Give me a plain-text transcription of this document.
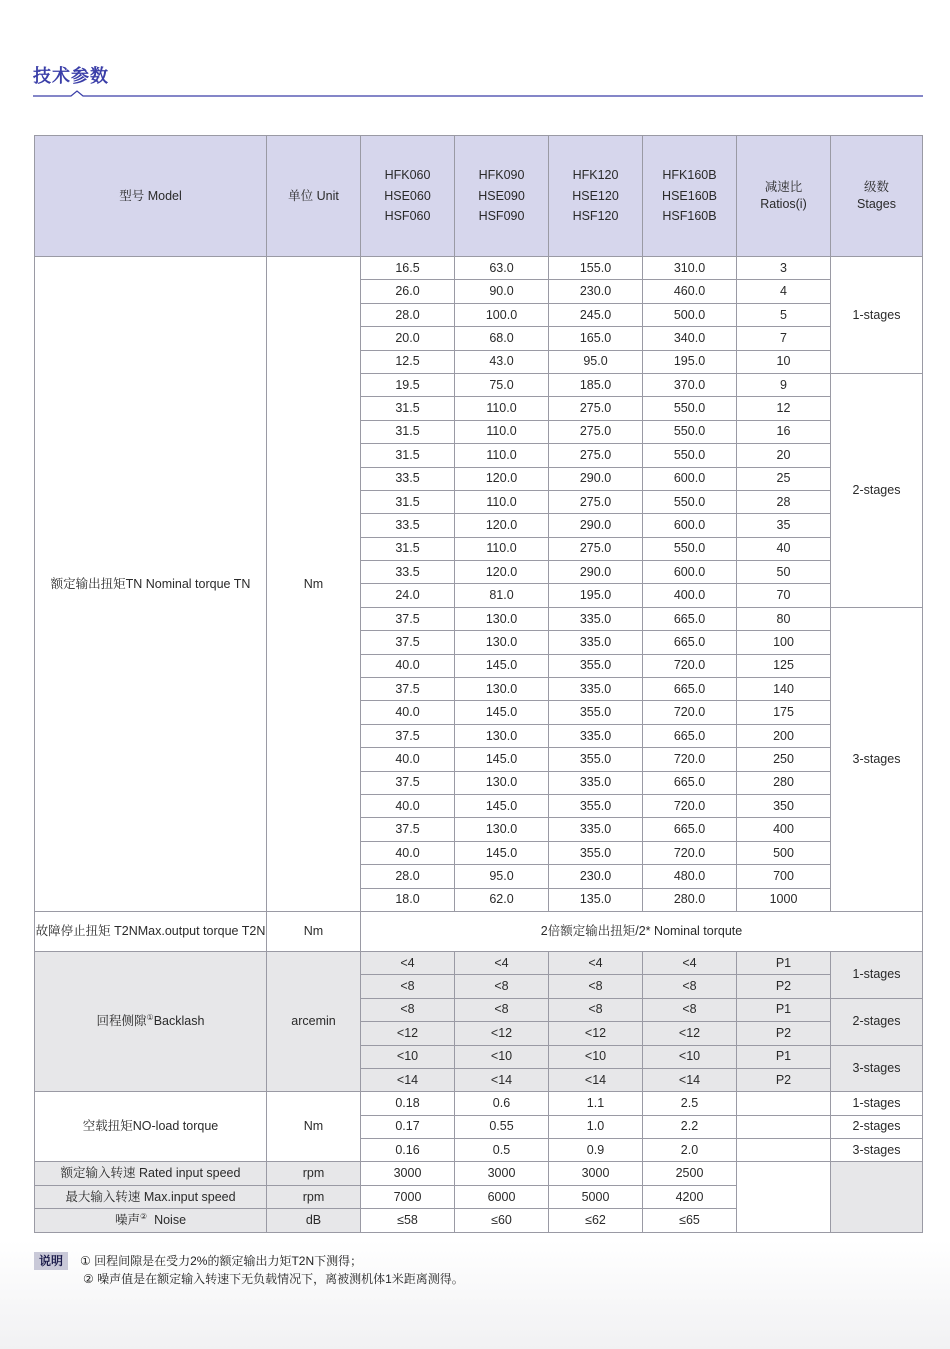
技术参数
型号 Model	单位 Unit	HFK060
HSE060
HSF060	HFK090
HSE090
HSF090	HFK120
HSE120
HSF120	HFK160B
HSE160B
HSF160B	减速比
Ratios(i)	级数
Stages

额定输出扭矩TN Nominal torque TN	Nm	16.5	63.0	155.0	310.0	3	1-stages
		26.0	90.0	230.0	460.0	4	
		28.0	100.0	245.0	500.0	5	
		20.0	68.0	165.0	340.0	7	
		12.5	43.0	95.0	195.0	10	
		19.5	75.0	185.0	370.0	9	2-stages
		31.5	110.0	275.0	550.0	12	
		31.5	110.0	275.0	550.0	16	
		31.5	110.0	275.0	550.0	20	
		33.5	120.0	290.0	600.0	25	
		31.5	110.0	275.0	550.0	28	
		33.5	120.0	290.0	600.0	35	
		31.5	110.0	275.0	550.0	40	
		33.5	120.0	290.0	600.0	50	
		24.0	81.0	195.0	400.0	70	
		37.5	130.0	335.0	665.0	80	3-stages
		37.5	130.0	335.0	665.0	100	
		40.0	145.0	355.0	720.0	125	
		37.5	130.0	335.0	665.0	140	
		40.0	145.0	355.0	720.0	175	
		37.5	130.0	335.0	665.0	200	
		40.0	145.0	355.0	720.0	250	
		37.5	130.0	335.0	665.0	280	
		40.0	145.0	355.0	720.0	350	
		37.5	130.0	335.0	665.0	400	
		40.0	145.0	355.0	720.0	500	
		28.0	95.0	230.0	480.0	700	
		18.0	62.0	135.0	280.0	1000	
故障停止扭矩 T2NMax.output torque T2N	Nm	2倍额定输出扭矩/2* Nominal torqute					
回程侧隙①Backlash	arcemin	<4	<4	<4	<4	P1	1-stages
		<8	<8	<8	<8	P2	
		<8	<8	<8	<8	P1	2-stages
		<12	<12	<12	<12	P2	
		<10	<10	<10	<10	P1	3-stages
		<14	<14	<14	<14	P2	
空载扭矩NO-load torque	Nm	0.18	0.6	1.1	2.5		1-stages
		0.17	0.55	1.0	2.2		2-stages
		0.16	0.5	0.9	2.0		3-stages
额定输入转速 Rated input speed	rpm	3000	3000	3000	2500		
最大输入转速 Max.input speed	rpm	7000	6000	5000	4200		
噪声② Noise	dB	≤58	≤60	≤62	≤65		
说明 ① 回程间隙是在受力2%的额定输出力矩T2N下测得；
② 噪声值是在额定输入转速下无负载情况下，离被测机体1米距离测得。
